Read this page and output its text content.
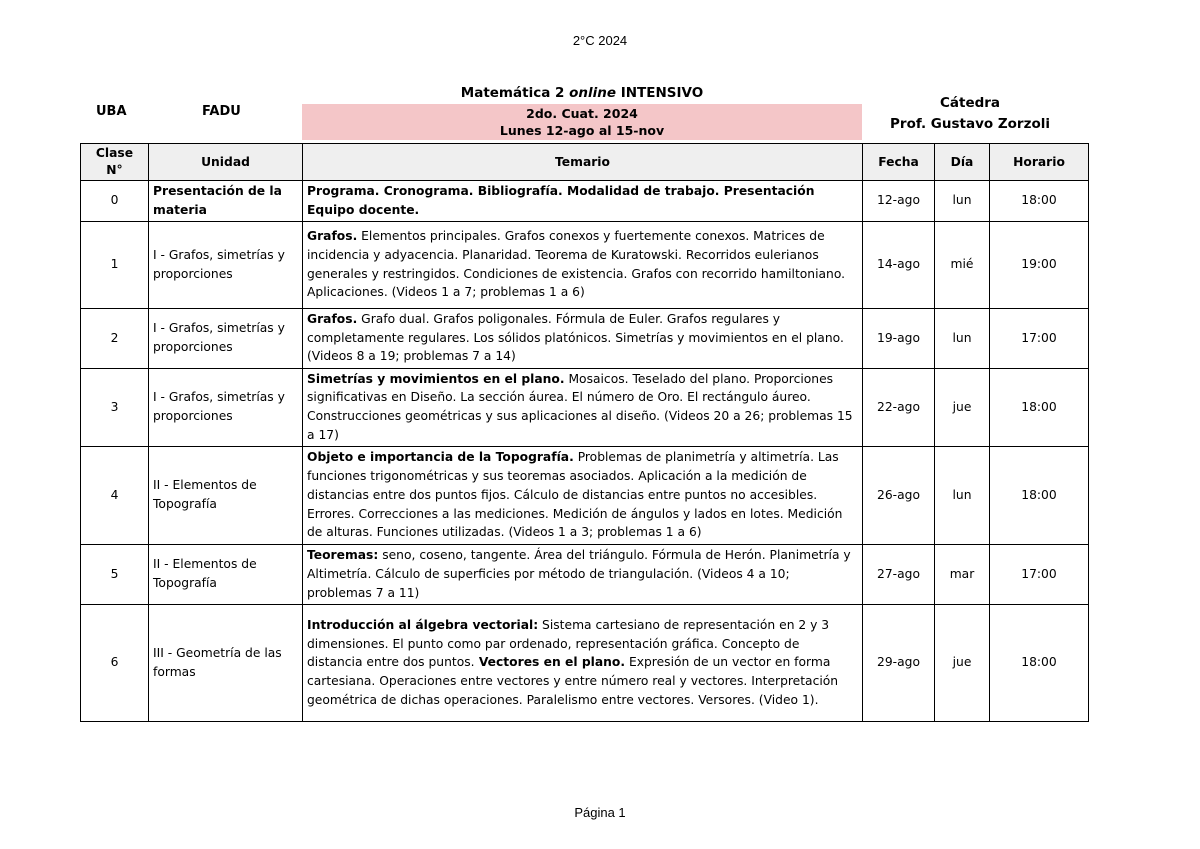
2°C 2024
UBA	FADU
Matemática 2 online INTENSIVO
2do. Cuat. 2024
Lunes 12-ago al 15-nov
Cátedra
Prof. Gustavo Zorzoli
Clase
N°	Unidad	Temario	Fecha	Día	Horario
0	Presentación de la materia	Programa. Cronograma. Bibliografía. Modalidad de trabajo. Presentación Equipo docente.	12-ago	lun	18:00
1	I - Grafos, simetrías y proporciones	Grafos. Elementos principales. Grafos conexos y fuertemente conexos. Matrices de incidencia y adyacencia. Planaridad. Teorema de Kuratowski. Recorridos eulerianos generales y restringidos. Condiciones de existencia. Grafos con recorrido hamiltoniano. Aplicaciones. (Videos 1 a 7; problemas 1 a 6)	14-ago	mié	19:00
2	I - Grafos, simetrías y proporciones	Grafos. Grafo dual. Grafos poligonales. Fórmula de Euler. Grafos regulares y completamente regulares. Los sólidos platónicos. Simetrías y movimientos en el plano. (Videos 8 a 19; problemas 7 a 14)	19-ago	lun	17:00
3	I - Grafos, simetrías y proporciones	Simetrías y movimientos en el plano. Mosaicos. Teselado del plano. Proporciones significativas en Diseño. La sección áurea. El número de Oro. El rectángulo áureo. Construcciones geométricas y sus aplicaciones al diseño. (Videos 20 a 26; problemas 15 a 17)	22-ago	jue	18:00
4	II - Elementos de Topografía	Objeto e importancia de la Topografía. Problemas de planimetría y altimetría. Las funciones trigonométricas y sus teoremas asociados. Aplicación a la medición de distancias entre dos puntos fijos. Cálculo de distancias entre puntos no accesibles. Errores. Correcciones a las mediciones. Medición de ángulos y lados en lotes. Medición de alturas. Funciones utilizadas. (Videos 1 a 3; problemas 1 a 6)	26-ago	lun	18:00
5	II - Elementos de Topografía	Teoremas: seno, coseno, tangente. Área del triángulo. Fórmula de Herón. Planimetría y Altimetría. Cálculo de superficies por método de triangulación. (Videos 4 a 10; problemas 7 a 11)	27-ago	mar	17:00
6	III - Geometría de las formas	Introducción al álgebra vectorial: Sistema cartesiano de representación en 2 y 3 dimensiones. El punto como par ordenado, representación gráfica. Concepto de distancia entre dos puntos. Vectores en el plano. Expresión de un vector en forma cartesiana. Operaciones entre vectores y entre número real y vectores. Interpretación geométrica de dichas operaciones. Paralelismo entre vectores. Versores. (Video 1).	29-ago	jue	18:00
Página 1
